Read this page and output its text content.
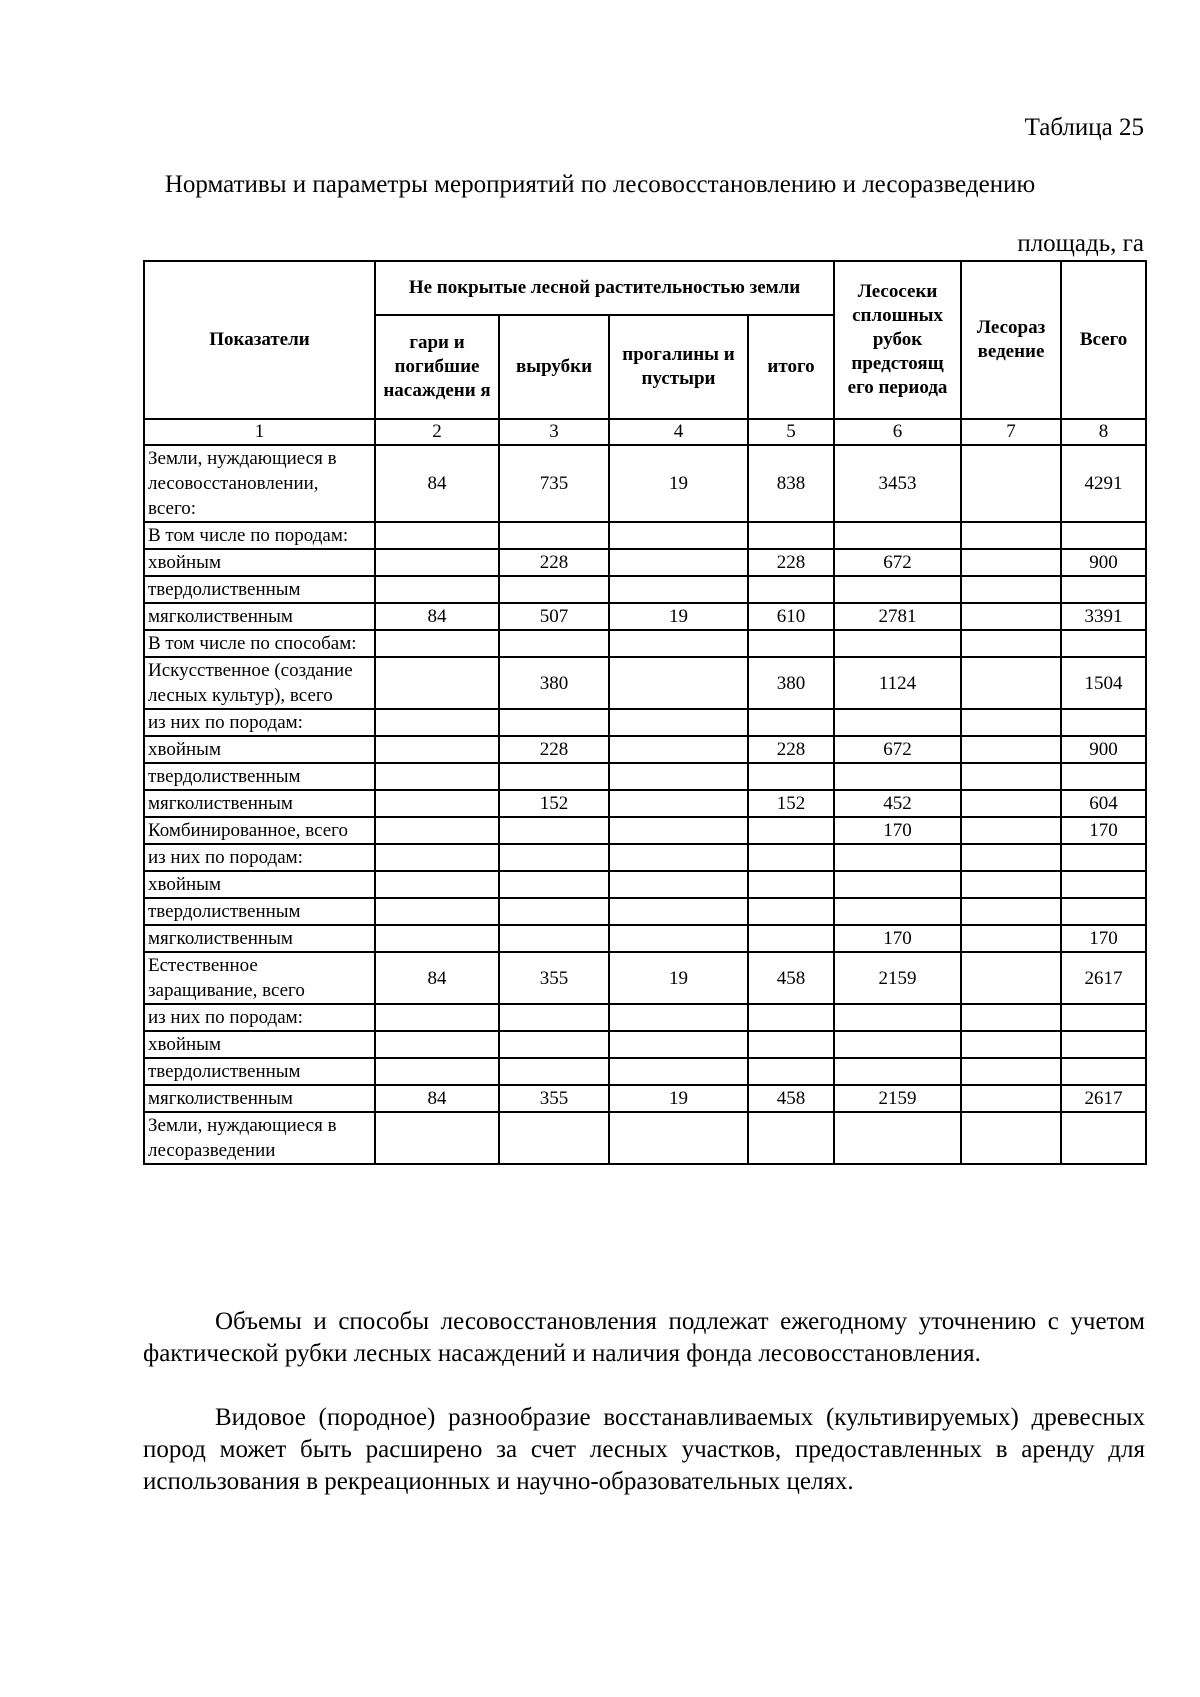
Таблица 25
Нормативы и параметры мероприятий по лесовосстановлению и лесоразведению
площадь, га
Показатели	Не покрытые лесной растительностью земли				Лесосеки сплошных рубок предстоящ его периода	Лесораз ведение	Всего
	гари и погибшие насаждени я	вырубки	прогалины и пустыри	итого			
1	2	3	4	5	6	7	8
Земли, нуждающиеся в лесовосстановлении, всего:	84	735	19	838	3453		4291
В том числе по породам:							
хвойным		228		228	672		900
твердолиственным							
мягколиственным	84	507	19	610	2781		3391
В том числе по способам:							
Искусственное (создание лесных культур), всего		380		380	1124		1504
из них по породам:							
хвойным		228		228	672		900
твердолиственным							
мягколиственным		152		152	452		604
Комбинированное, всего					170		170
из них по породам:							
хвойным							
твердолиственным							
мягколиственным					170		170
Естественное заращивание, всего	84	355	19	458	2159		2617
из них по породам:							
хвойным							
твердолиственным							
мягколиственным	84	355	19	458	2159		2617
Земли, нуждающиеся в лесоразведении							
Объемы и способы лесовосстановления подлежат ежегодному уточнению с учетом фактической рубки лесных насаждений и наличия фонда лесовосстановления.
Видовое (породное) разнообразие восстанавливаемых (культивируемых) древесных пород может быть расширено за счет лесных участков, предоставленных в аренду для использования в рекреационных и научно-образовательных целях.
